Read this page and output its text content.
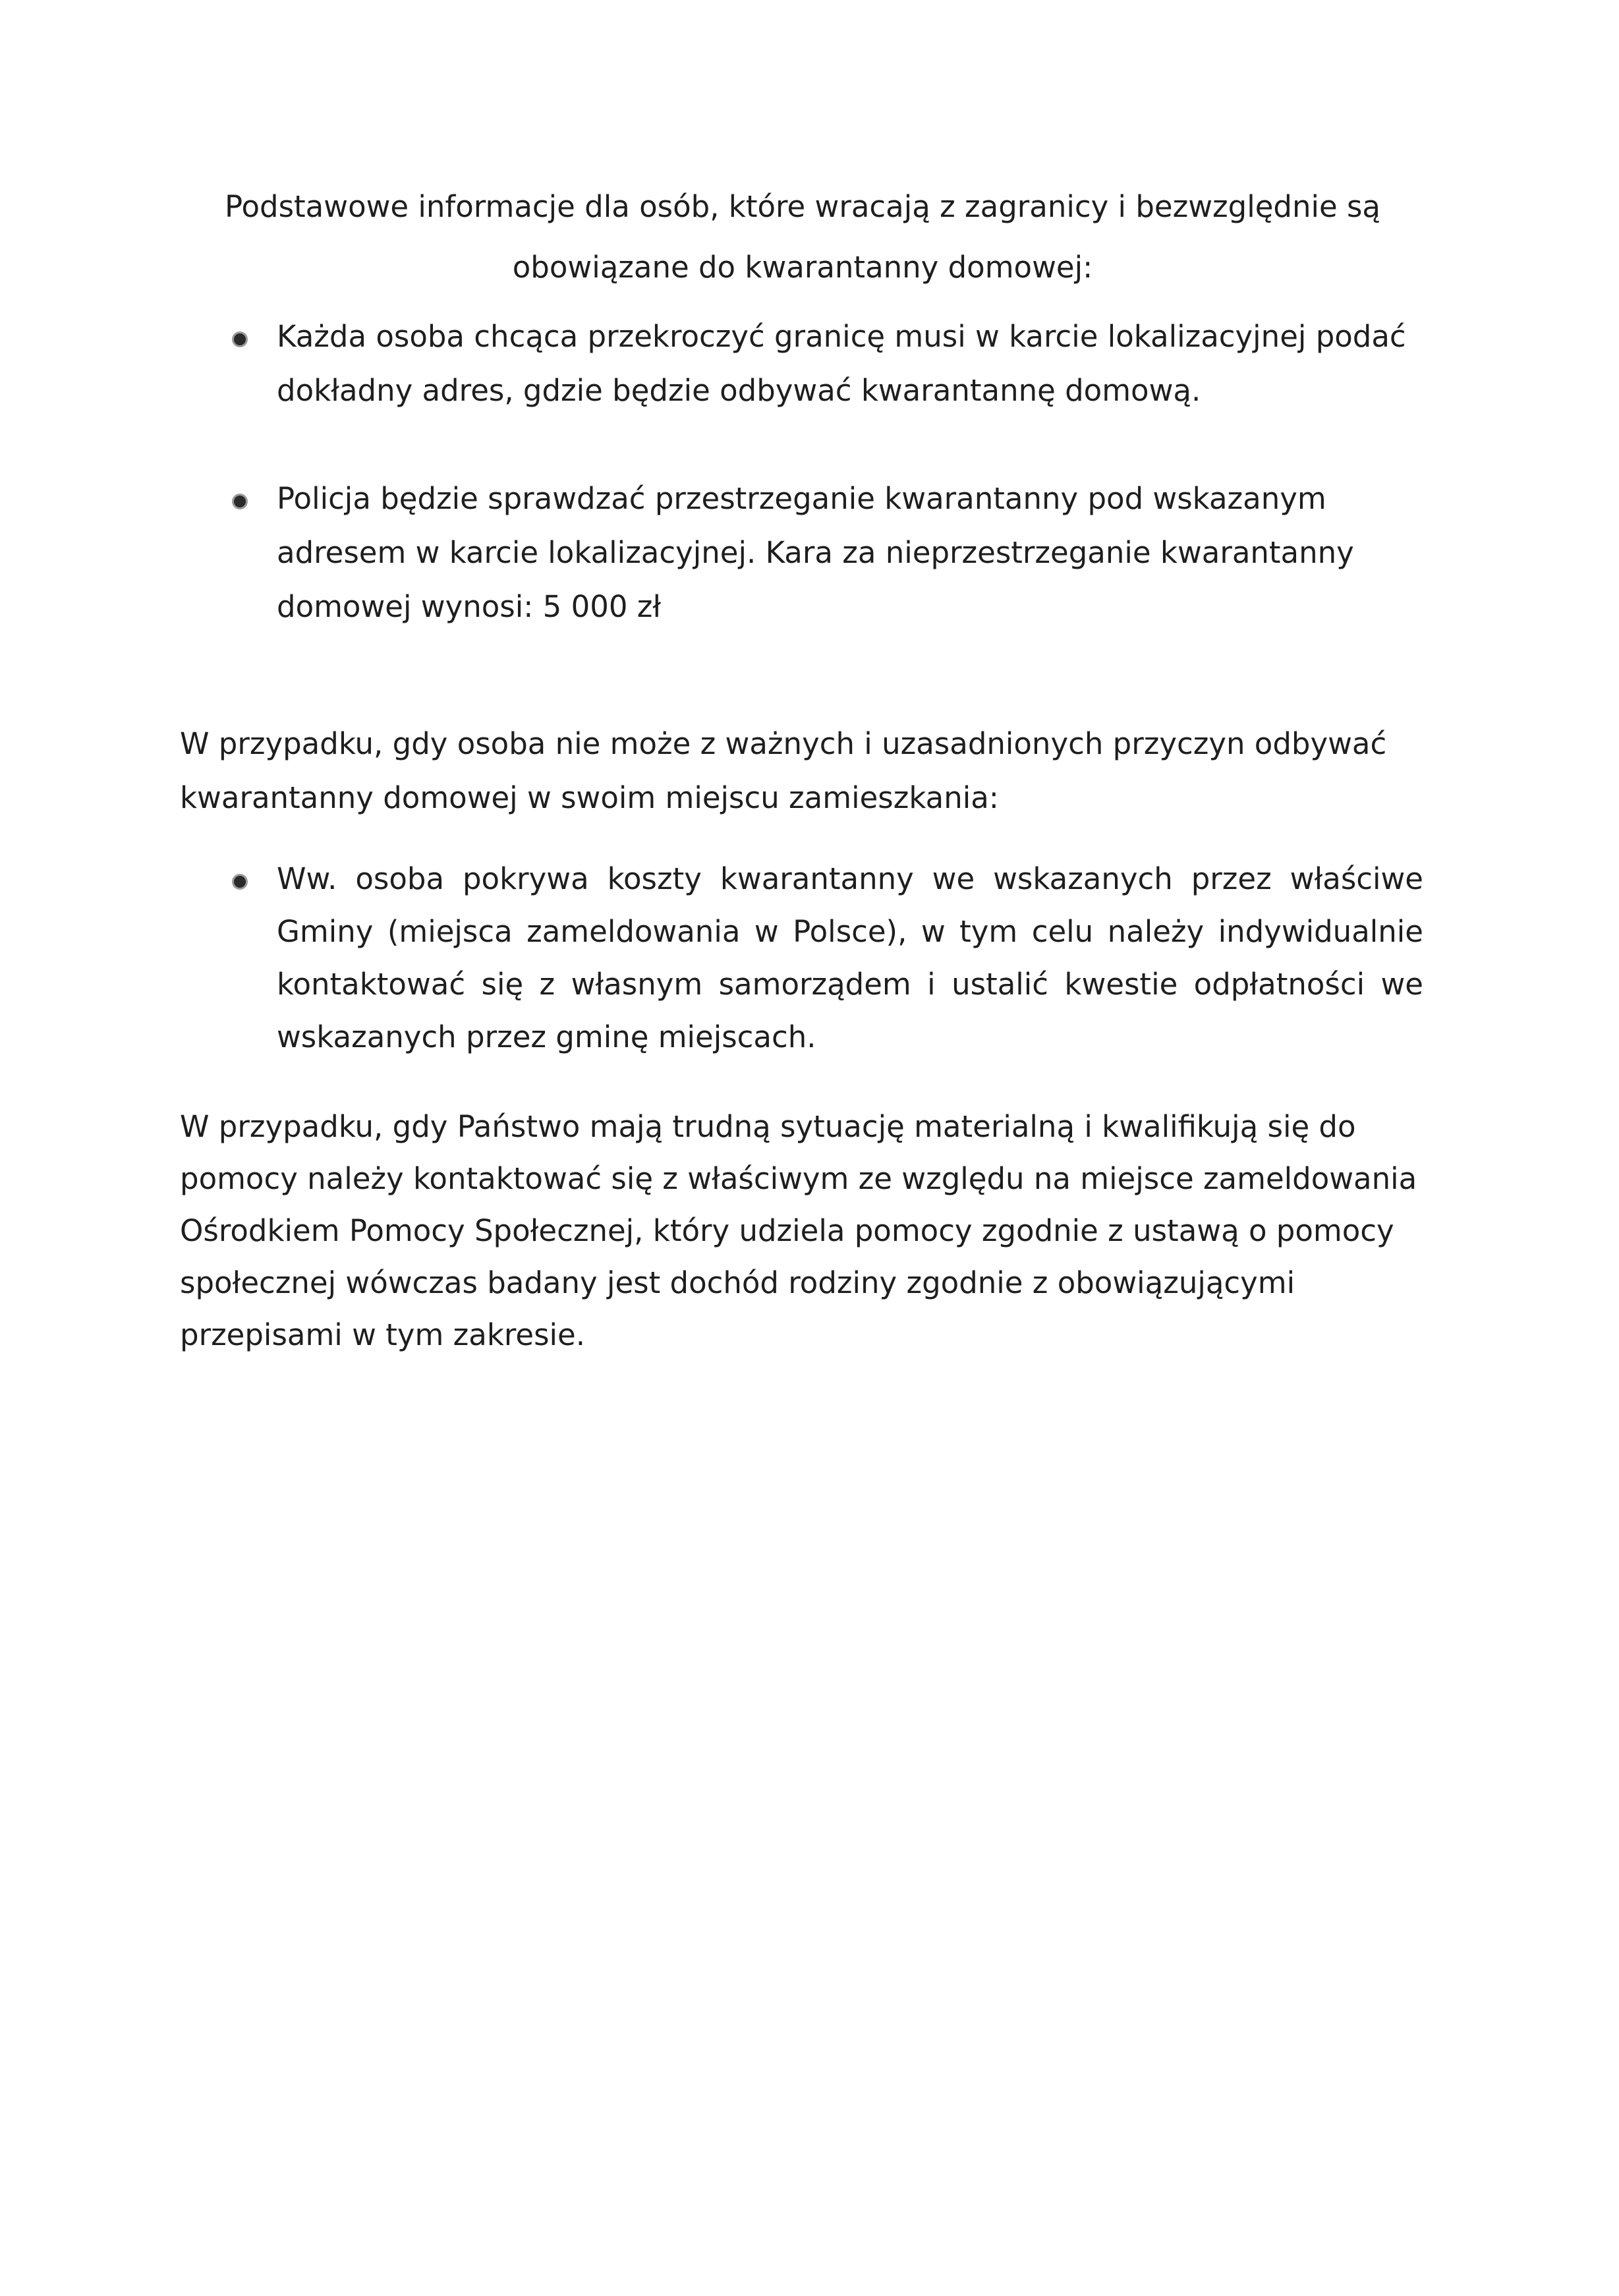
Podstawowe informacje dla osób, które wracają z zagranicy i bezwzględnie są obowiązane do kwarantanny domowej:
Każda osoba chcąca przekroczyć granicę musi w karcie lokalizacyjnej podać dokładny adres, gdzie będzie odbywać kwarantannę domową.
Policja będzie sprawdzać przestrzeganie kwarantanny pod wskazanym adresem w karcie lokalizacyjnej. Kara za nieprzestrzeganie kwarantanny domowej wynosi: 5 000 zł

W przypadku, gdy osoba nie może z ważnych i uzasadnionych przyczyn odbywać kwarantanny domowej w swoim miejscu zamieszkania:

Ww. osoba pokrywa koszty kwarantanny we wskazanych przez właściwe Gminy (miejsca zameldowania w Polsce), w tym celu należy indywidualnie kontaktować się z własnym samorządem i ustalić kwestie odpłatności we wskazanych przez gminę miejscach.

W przypadku, gdy Państwo mają trudną sytuację materialną i kwalifikują się do pomocy należy kontaktować się z właściwym ze względu na miejsce zameldowania Ośrodkiem Pomocy Społecznej, który udziela pomocy zgodnie z ustawą o pomocy społecznej wówczas badany jest dochód rodziny zgodnie z obowiązującymi przepisami w tym zakresie.
